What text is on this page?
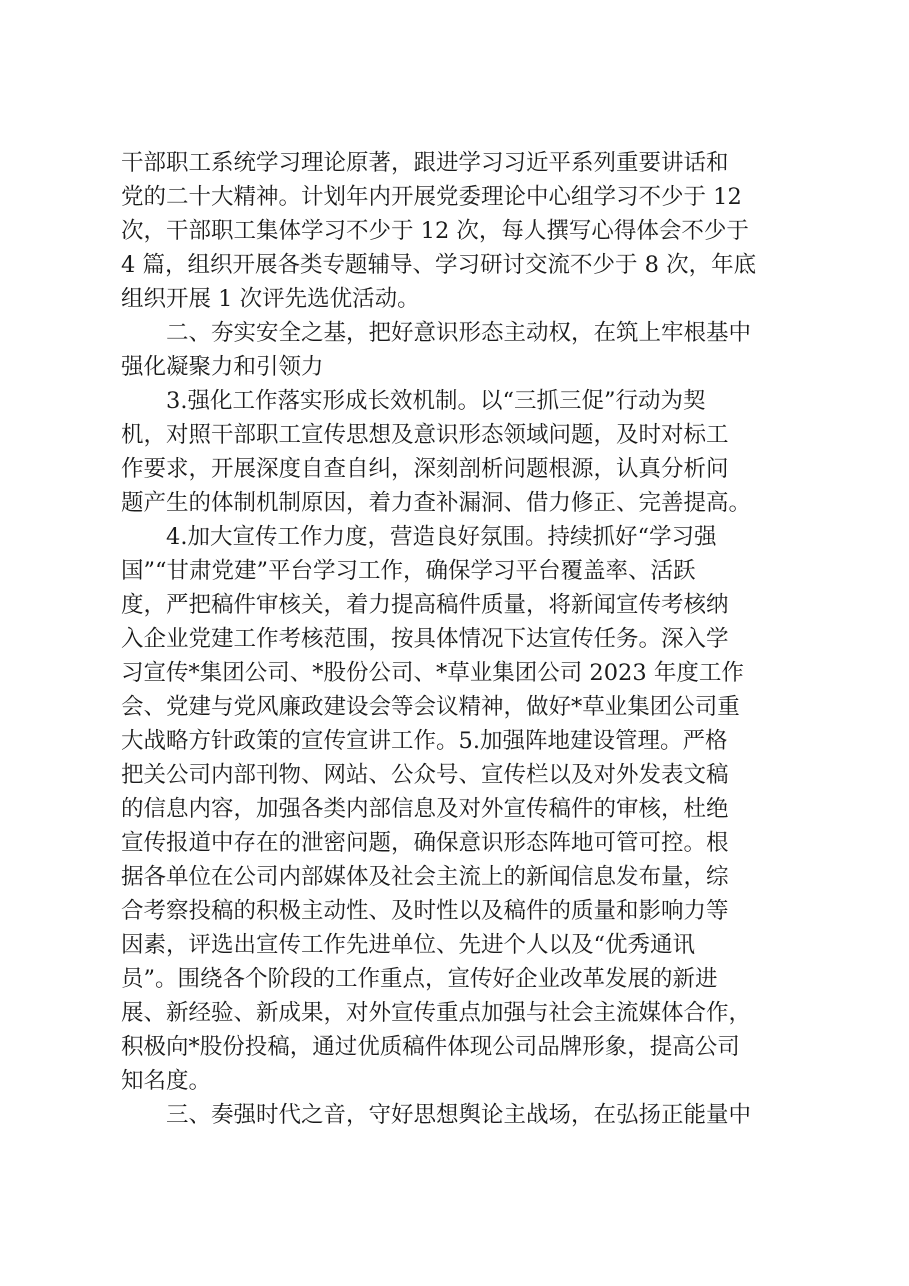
干部职工系统学习理论原著，跟进学习习近平系列重要讲话和
党的二十大精神。计划年内开展党委理论中心组学习不少于 12
次，干部职工集体学习不少于 12 次，每人撰写心得体会不少于
4 篇，组织开展各类专题辅导、学习研讨交流不少于 8 次，年底
组织开展 1 次评先选优活动。
　　二、夯实安全之基，把好意识形态主动权，在筑上牢根基中
强化凝聚力和引领力
　　3.强化工作落实形成长效机制。以“三抓三促”行动为契
机，对照干部职工宣传思想及意识形态领域问题，及时对标工
作要求，开展深度自查自纠，深刻剖析问题根源，认真分析问
题产生的体制机制原因，着力查补漏洞、借力修正、完善提高。
　　4.加大宣传工作力度，营造良好氛围。持续抓好“学习强
国”“甘肃党建”平台学习工作，确保学习平台覆盖率、活跃
度，严把稿件审核关，着力提高稿件质量，将新闻宣传考核纳
入企业党建工作考核范围，按具体情况下达宣传任务。深入学
习宣传*集团公司、*股份公司、*草业集团公司 2023 年度工作
会、党建与党风廉政建设会等会议精神，做好*草业集团公司重
大战略方针政策的宣传宣讲工作。5.加强阵地建设管理。严格
把关公司内部刊物、网站、公众号、宣传栏以及对外发表文稿
的信息内容，加强各类内部信息及对外宣传稿件的审核，杜绝
宣传报道中存在的泄密问题，确保意识形态阵地可管可控。根
据各单位在公司内部媒体及社会主流上的新闻信息发布量，综
合考察投稿的积极主动性、及时性以及稿件的质量和影响力等
因素，评选出宣传工作先进单位、先进个人以及“优秀通讯
员”。围绕各个阶段的工作重点，宣传好企业改革发展的新进
展、新经验、新成果，对外宣传重点加强与社会主流媒体合作，
积极向*股份投稿，通过优质稿件体现公司品牌形象，提高公司
知名度。
　　三、奏强时代之音，守好思想舆论主战场，在弘扬正能量中
